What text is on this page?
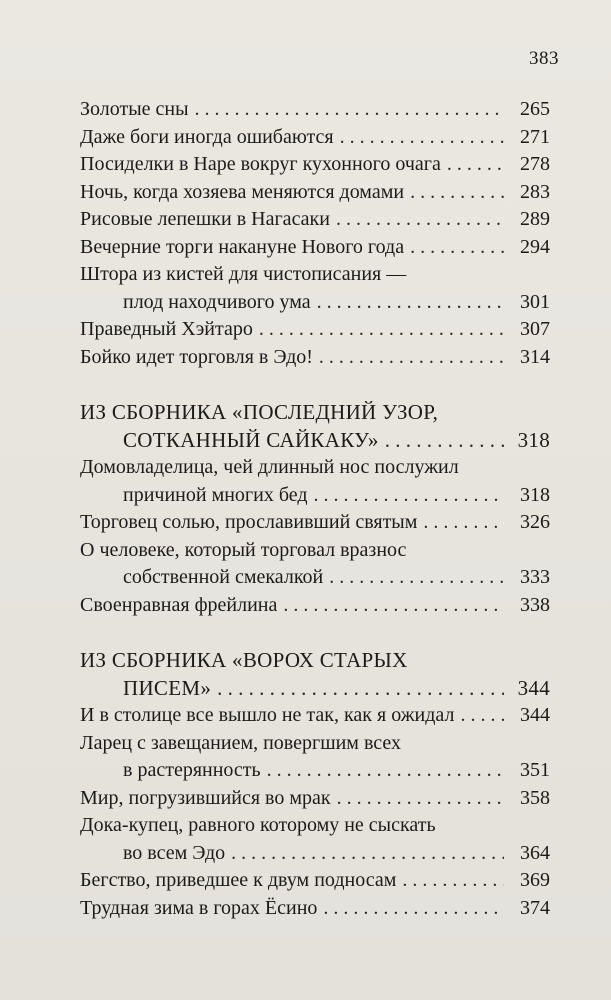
383
Золотые сны . . .	265
Даже боги иногда ошибаются . . .	271
Посиделки в Наре вокруг кухонного очага . . .	278
Ночь, когда хозяева меняются домами . . .	283
Рисовые лепешки в Нагасаки . . .	289
Вечерние торги накануне Нового года . . .	294
Штора из кистей для чистописания —
плод находчивого ума . . .	301
Праведный Хэйтаро . . .	307
Бойко идет торговля в Эдо! . . .	314
ИЗ СБОРНИКА «ПОСЛЕДНИЙ УЗОР,
СОТКАННЫЙ САЙКАКУ» . . .	318
Домовладелица, чей длинный нос послужил
причиной многих бед . . .	318
Торговец солью, прославивший святым . . .	326
О человеке, который торговал вразнос
собственной смекалкой . . .	333
Своенравная фрейлина . . .	338
ИЗ СБОРНИКА «ВОРОХ СТАРЫХ
ПИСЕМ» . . .	344
И в столице все вышло не так, как я ожидал . . .	344
Ларец с завещанием, повергшим всех
в растерянность . . .	351
Мир, погрузившийся во мрак . . .	358
Дока-купец, равного которому не сыскать
во всем Эдо . . .	364
Бегство, приведшее к двум подносам . . .	369
Трудная зима в горах Ёсино . . .	374
